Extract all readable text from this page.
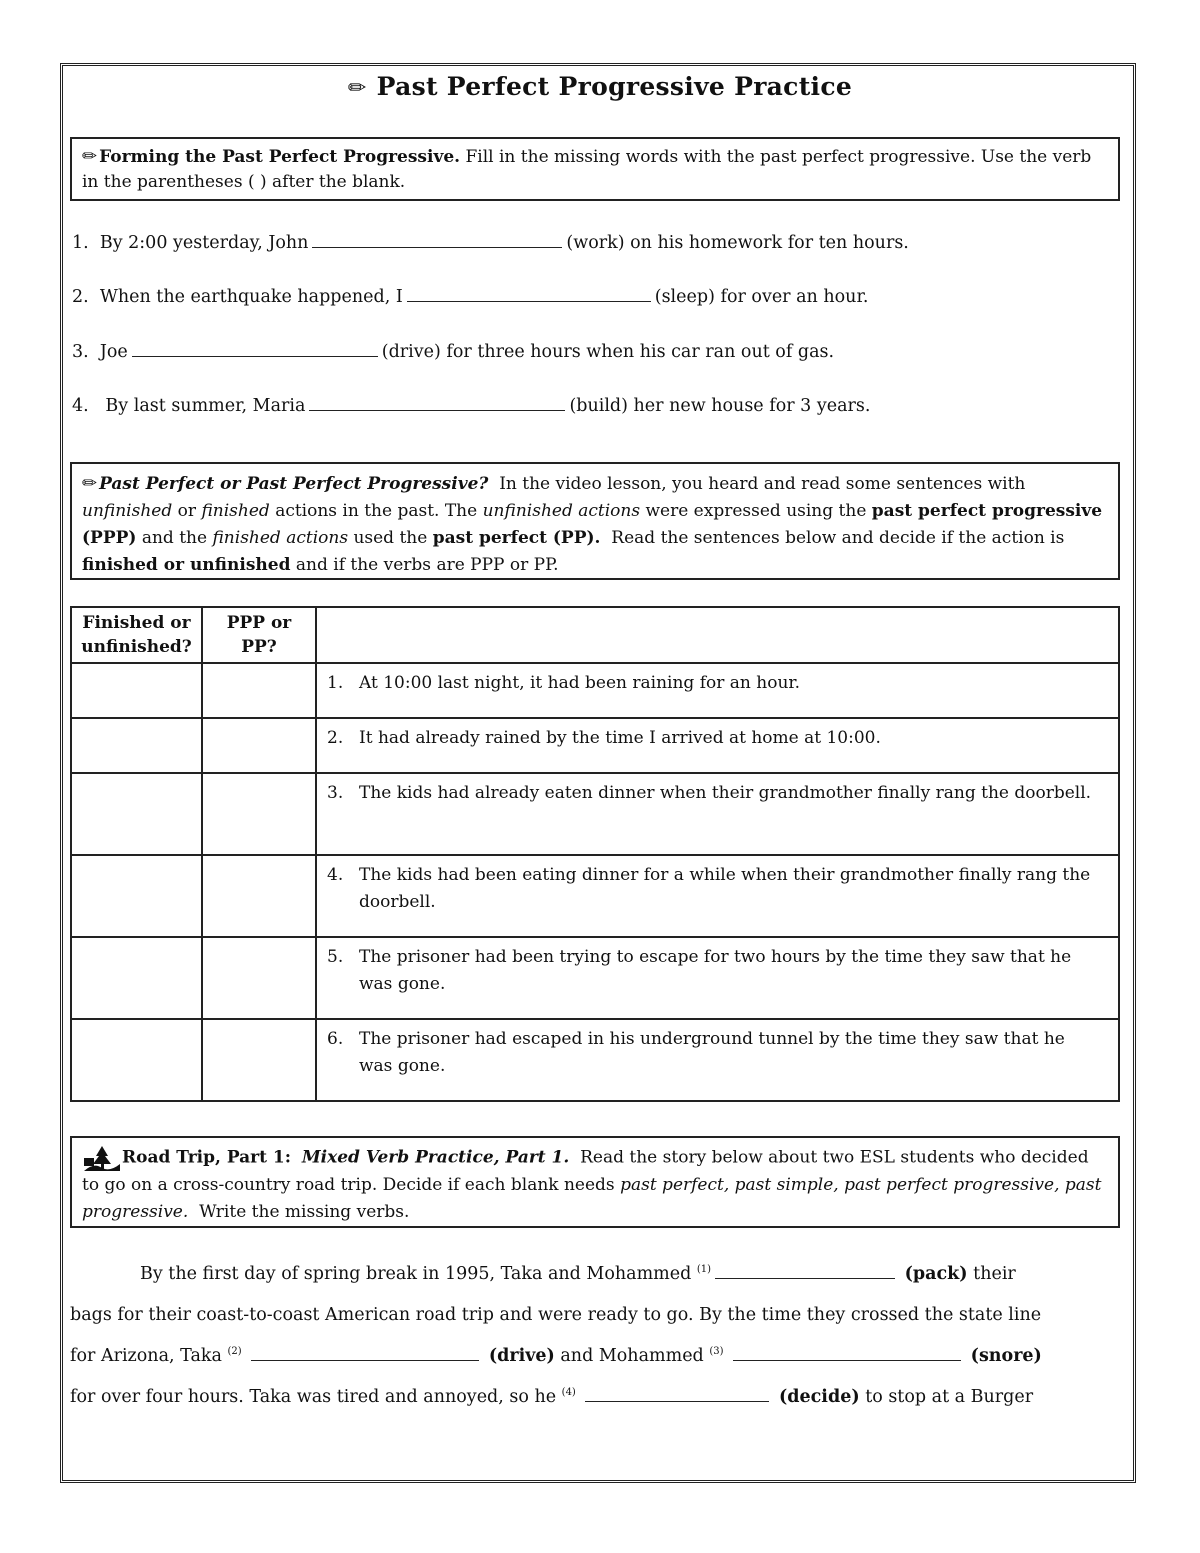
✏ Past Perfect Progressive Practice
✏ Forming the Past Perfect Progressive. Fill in the missing words with the past perfect progressive. Use the verb in the parentheses ( ) after the blank.
1. By 2:00 yesterday, John	(work) on his homework for ten hours.
2. When the earthquake happened, I	(sleep) for over an hour.
3. Joe	(drive) for three hours when his car ran out of gas.
4. By last summer, Maria	(build) her new house for 3 years.
✏ Past Perfect or Past Perfect Progressive? In the video lesson, you heard and read some sentences with unfinished or finished actions in the past. The unfinished actions were expressed using the past perfect progressive (PPP) and the finished actions used the past perfect (PP). Read the sentences below and decide if the action is finished or unfinished and if the verbs are PPP or PP.
Finished or unfinished?	PPP or PP?	
		1. At 10:00 last night, it had been raining for an hour.
		2. It had already rained by the time I arrived at home at 10:00.
		3. The kids had already eaten dinner when their grandmother finally rang the doorbell.
		4. The kids had been eating dinner for a while when their grandmother finally rang the doorbell.
		5. The prisoner had been trying to escape for two hours by the time they saw that he was gone.
		6. The prisoner had escaped in his underground tunnel by the time they saw that he was gone.
Road Trip, Part 1: Mixed Verb Practice, Part 1. Read the story below about two ESL students who decided to go on a cross-country road trip. Decide if each blank needs past perfect, past simple, past perfect progressive, past progressive. Write the missing verbs.
By the first day of spring break in 1995, Taka and Mohammed $^{(1)}$	(pack) their
bags for their coast-to-coast American road trip and were ready to go. By the time they crossed the state line
for Arizona, Taka $^{(2)}$	(drive) and Mohammed $^{(3)}$	(snore)
for over four hours. Taka was tired and annoyed, so he $^{(4)}$	(decide) to stop at a Burger
